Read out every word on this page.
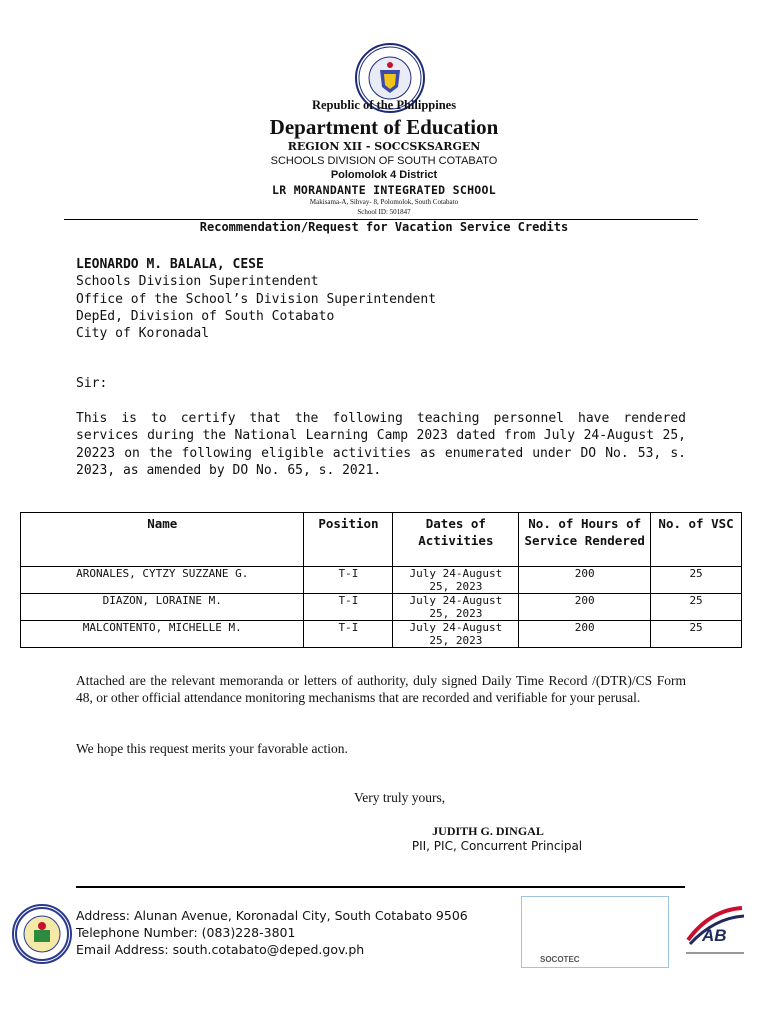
Republic of the Philippines
Department of Education
REGION XII - SOCCSKSARGEN
SCHOOLS DIVISION OF SOUTH COTABATO
Polomolok 4 District
LR MORANDANTE INTEGRATED SCHOOL
Makisama-A, Sihvay- 8, Polomolok, South Cotabato
School ID: 501847
Recommendation/Request for Vacation Service Credits
LEONARDO M. BALALA, CESE
Schools Division Superintendent
Office of the School’s Division Superintendent
DepEd, Division of South Cotabato
City of Koronadal
Sir:
This is to certify that the following teaching personnel have rendered services during the National Learning Camp 2023 dated from July 24-August 25, 20223 on the following eligible activities as enumerated under DO No. 53, s. 2023, as amended by DO No. 65, s. 2021.
Name	Position	Dates of Activities	No. of Hours of Service Rendered	No. of VSC
ARONALES, CYTZY SUZZANE G.	T-I	July 24-August 25, 2023	200	25
DIAZON, LORAINE M.	T-I	July 24-August 25, 2023	200	25
MALCONTENTO, MICHELLE M.	T-I	July 24-August 25, 2023	200	25
Attached are the relevant memoranda or letters of authority, duly signed Daily Time Record /(DTR)/CS Form 48, or other official attendance monitoring mechanisms that are recorded and verifiable for your perusal.
We hope this request merits your favorable action.
Very truly yours,
JUDITH G. DINGAL
PII, PIC, Concurrent Principal
Address: Alunan Avenue, Koronadal City, South Cotabato 9506
Telephone Number: (083)228-3801
Email Address: south.cotabato@deped.gov.ph
SOCOTEC
AB
